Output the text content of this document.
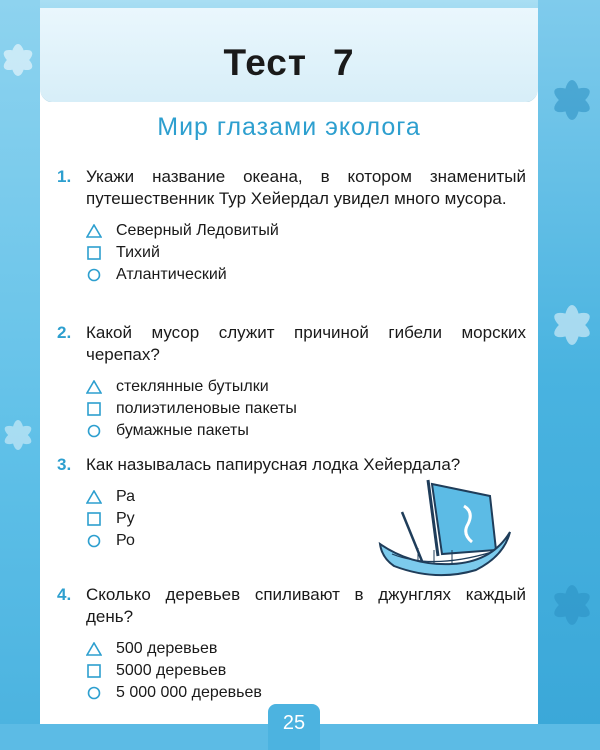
Тест 7
Мир глазами эколога
1. Укажи название океана, в котором знаменитый путешественник Тур Хейердал увидел много мусора.
Северный Ледовитый
Тихий
Атлантический
2. Какой мусор служит причиной гибели морских черепах?
стеклянные бутылки
полиэтиленовые пакеты
бумажные пакеты
3. Как называлась папирусная лодка Хейердала?
Ра
Ру
Ро
4. Сколько деревьев спиливают в джунглях каждый день?
500 деревьев
5000 деревьев
5 000 000 деревьев
25
